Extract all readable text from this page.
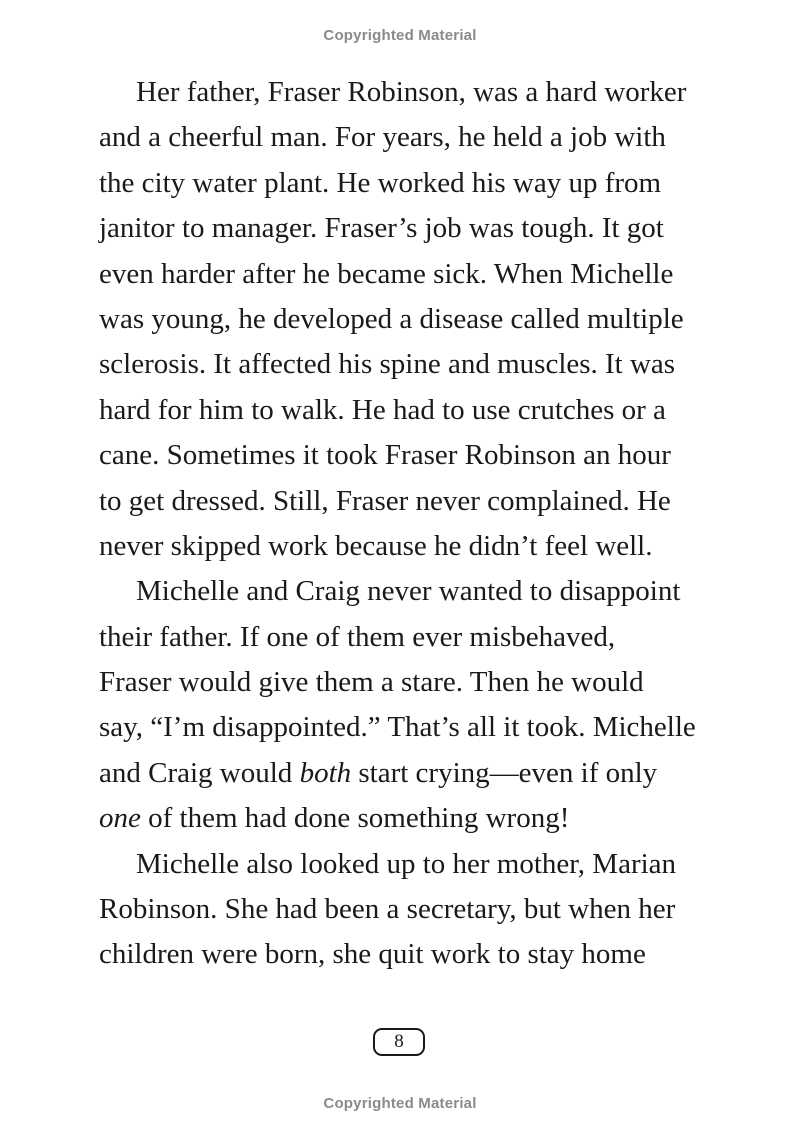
Copyrighted Material
Her father, Fraser Robinson, was a hard worker
and a cheerful man. For years, he held a job with
the city water plant. He worked his way up from
janitor to manager. Fraser’s job was tough. It got
even harder after he became sick. When Michelle
was young, he developed a disease called multiple
sclerosis. It affected his spine and muscles. It was
hard for him to walk. He had to use crutches or a
cane. Sometimes it took Fraser Robinson an hour
to get dressed. Still, Fraser never complained. He
never skipped work because he didn’t feel well.
Michelle and Craig never wanted to disappoint
their father. If one of them ever misbehaved,
Fraser would give them a stare. Then he would
say, “I’m disappointed.” That’s all it took. Michelle
and Craig would both start crying—even if only
one of them had done something wrong!
Michelle also looked up to her mother, Marian
Robinson. She had been a secretary, but when her
children were born, she quit work to stay home
8
Copyrighted Material
